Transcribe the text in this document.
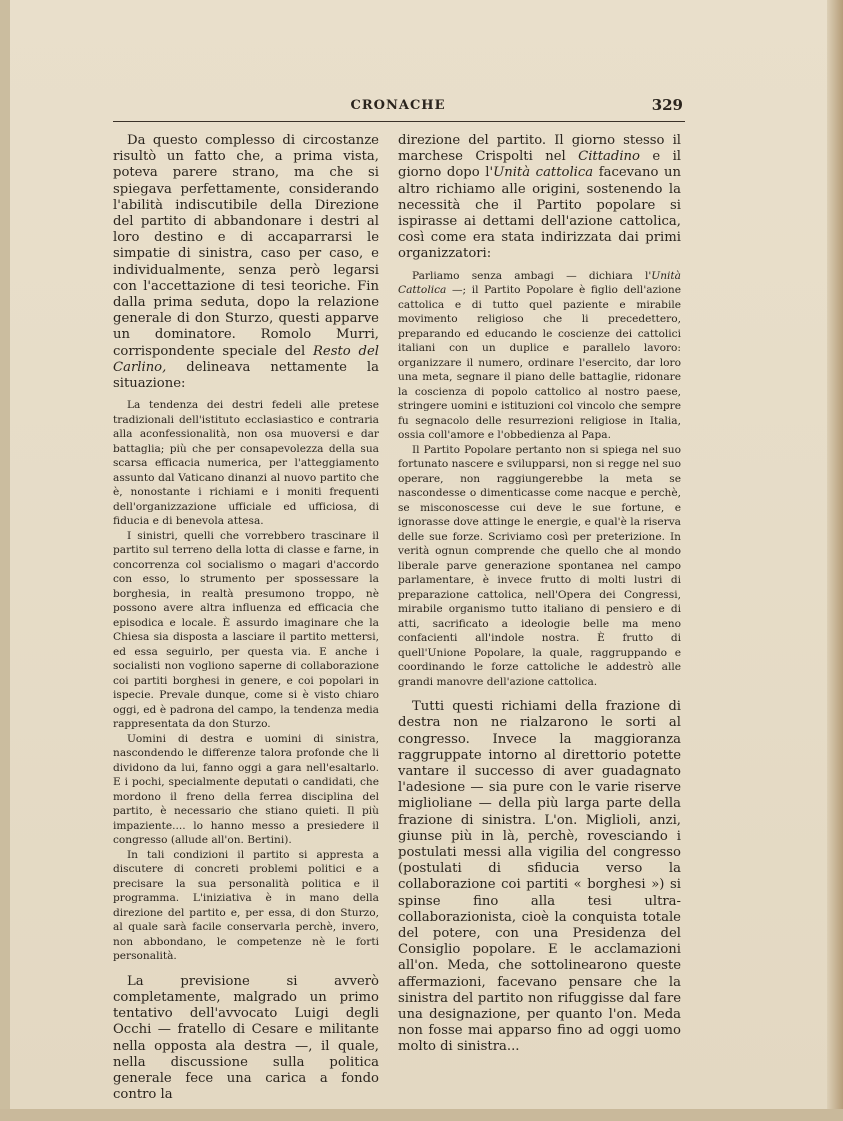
CRONACHE	329

Da questo complesso di circostanze risultò un fatto che, a prima vista, poteva parere strano, ma che si spiegava perfettamente, considerando l'abilità indiscutibile della Direzione del partito di abbandonare i destri al loro destino e di accaparrarsi le simpatie di sinistra, caso per caso, e individualmente, senza però legarsi con l'accettazione di tesi teoriche. Fin dalla prima seduta, dopo la relazione generale di don Sturzo, questi apparve un dominatore. Romolo Murri, corrispondente speciale del Resto del Carlino, delineava nettamente la situazione:

La tendenza dei destri fedeli alle pretese tradizionali dell'istituto ecclasiastico e contraria alla aconfessionalità, non osa muoversi e dar battaglia; più che per consapevolezza della sua scarsa efficacia numerica, per l'atteggiamento assunto dal Vaticano dinanzi al nuovo partito che è, nonostante i richiami e i moniti frequenti dell'organizzazione ufficiale ed ufficiosa, di fiducia e di benevola attesa.

I sinistri, quelli che vorrebbero trascinare il partito sul terreno della lotta di classe e farne, in concorrenza col socialismo o magari d'accordo con esso, lo strumento per spossessare la borghesia, in realtà presumono troppo, nè possono avere altra influenza ed efficacia che episodica e locale. È assurdo imaginare che la Chiesa sia disposta a lasciare il partito mettersi, ed essa seguirlo, per questa via. E anche i socialisti non vogliono saperne di collaborazione coi partiti borghesi in genere, e coi popolari in ispecie. Prevale dunque, come si è visto chiaro oggi, ed è padrona del campo, la tendenza media rappresentata da don Sturzo.

Uomini di destra e uomini di sinistra, nascondendo le differenze talora profonde che li dividono da lui, fanno oggi a gara nell'esaltarlo. E i pochi, specialmente deputati o candidati, che mordono il freno della ferrea disciplina del partito, è necessario che stiano quieti. Il più impaziente.... lo hanno messo a presiedere il congresso (allude all'on. Bertini).

In tali condizioni il partito si appresta a discutere di concreti problemi politici e a precisare la sua personalità politica e il programma. L'iniziativa è in mano della direzione del partito e, per essa, di don Sturzo, al quale sarà facile conservarla perchè, invero, non abbondano, le competenze nè le forti personalità.

La previsione si avverò completamente, malgrado un primo tentativo dell'avvocato Luigi degli Occhi — fratello di Cesare e militante nella opposta ala destra —, il quale, nella discussione sulla politica generale fece una carica a fondo contro la

direzione del partito. Il giorno stesso il marchese Crispolti nel Cittadino e il giorno dopo l'Unità cattolica facevano un altro richiamo alle origini, sostenendo la necessità che il Partito popolare si ispirasse ai dettami dell'azione cattolica, così come era stata indirizzata dai primi organizzatori:

Parliamo senza ambagi — dichiara l'Unità Cattolica —; il Partito Popolare è figlio dell'azione cattolica e di tutto quel paziente e mirabile movimento religioso che li precedettero, preparando ed educando le coscienze dei cattolici italiani con un duplice e parallelo lavoro: organizzare il numero, ordinare l'esercito, dar loro una meta, segnare il piano delle battaglie, ridonare la coscienza di popolo cattolico al nostro paese, stringere uomini e istituzioni col vincolo che sempre fu segnacolo delle resurrezioni religiose in Italia, ossia coll'amore e l'obbedienza al Papa.

Il Partito Popolare pertanto non si spiega nel suo fortunato nascere e svilupparsi, non si regge nel suo operare, non raggiungerebbe la meta se nascondesse o dimenticasse come nacque e perchè, se misconoscesse cui deve le sue fortune, e ignorasse dove attinge le energie, e qual'è la riserva delle sue forze. Scriviamo così per preterizione. In verità ognun comprende che quello che al mondo liberale parve generazione spontanea nel campo parlamentare, è invece frutto di molti lustri di preparazione cattolica, nell'Opera dei Congressi, mirabile organismo tutto italiano di pensiero e di atti, sacrificato a ideologie belle ma meno confacienti all'indole nostra. È frutto di quell'Unione Popolare, la quale, raggruppando e coordinando le forze cattoliche le addestrò alle grandi manovre dell'azione cattolica.

Tutti questi richiami della frazione di destra non ne rialzarono le sorti al congresso. Invece la maggioranza raggruppate intorno al direttorio potette vantare il successo di aver guadagnato l'adesione — sia pure con le varie riserve miglioliane — della più larga parte della frazione di sinistra. L'on. Miglioli, anzi, giunse più in là, perchè, rovesciando i postulati messi alla vigilia del congresso (postulati di sfiducia verso la collaborazione coi partiti « borghesi ») si spinse fino alla tesi ultra-collaborazionista, cioè la conquista totale del potere, con una Presidenza del Consiglio popolare. E le acclamazioni all'on. Meda, che sottolinearono queste affermazioni, facevano pensare che la sinistra del partito non rifuggisse dal fare una designazione, per quanto l'on. Meda non fosse mai apparso fino ad oggi uomo molto di sinistra...
